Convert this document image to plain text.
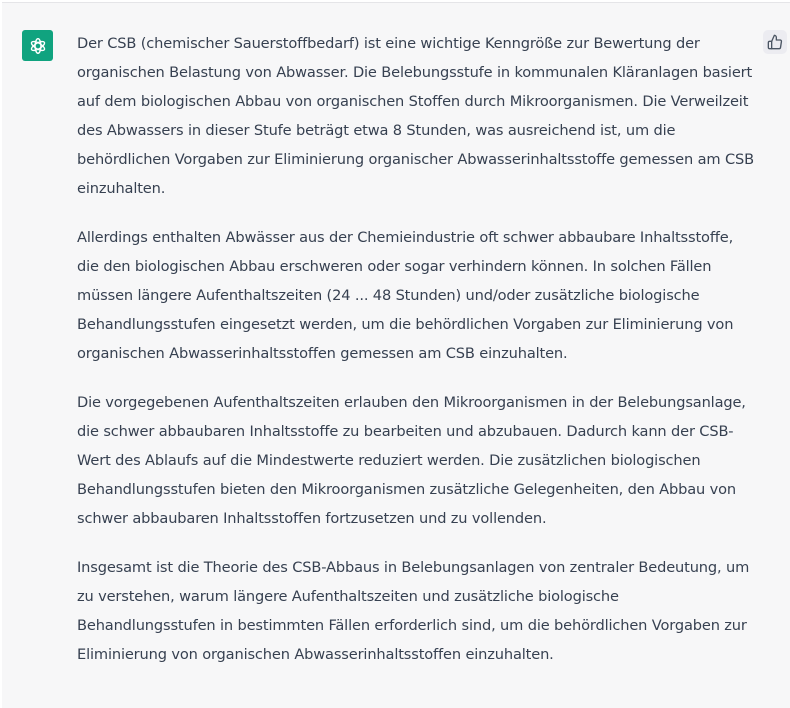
Der CSB (chemischer Sauerstoffbedarf) ist eine wichtige Kenngröße zur Bewertung der organischen Belastung von Abwasser. Die Belebungsstufe in kommunalen Kläranlagen basiert auf dem biologischen Abbau von organischen Stoffen durch Mikroorganismen. Die Verweilzeit des Abwassers in dieser Stufe beträgt etwa 8 Stunden, was ausreichend ist, um die behördlichen Vorgaben zur Eliminierung organischer Abwasserinhaltsstoffe gemessen am CSB einzuhalten.

Allerdings enthalten Abwässer aus der Chemieindustrie oft schwer abbaubare Inhaltsstoffe, die den biologischen Abbau erschweren oder sogar verhindern können. In solchen Fällen müssen längere Aufenthaltszeiten (24 ... 48 Stunden) und/oder zusätzliche biologische Behandlungsstufen eingesetzt werden, um die behördlichen Vorgaben zur Eliminierung von organischen Abwasserinhaltsstoffen gemessen am CSB einzuhalten.

Die vorgegebenen Aufenthaltszeiten erlauben den Mikroorganismen in der Belebungsanlage, die schwer abbaubaren Inhaltsstoffe zu bearbeiten und abzubauen. Dadurch kann der CSB-Wert des Ablaufs auf die Mindestwerte reduziert werden. Die zusätzlichen biologischen Behandlungsstufen bieten den Mikroorganismen zusätzliche Gelegenheiten, den Abbau von schwer abbaubaren Inhaltsstoffen fortzusetzen und zu vollenden.

Insgesamt ist die Theorie des CSB-Abbaus in Belebungsanlagen von zentraler Bedeutung, um zu verstehen, warum längere Aufenthaltszeiten und zusätzliche biologische Behandlungsstufen in bestimmten Fällen erforderlich sind, um die behördlichen Vorgaben zur Eliminierung von organischen Abwasserinhaltsstoffen einzuhalten.
